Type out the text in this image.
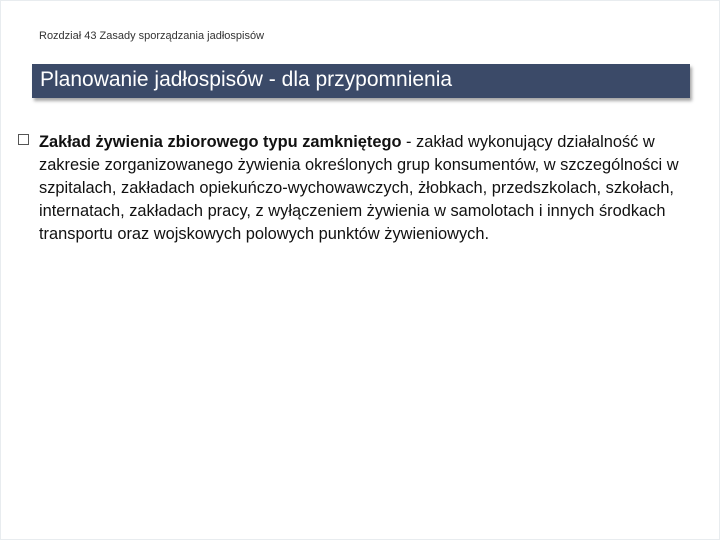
Rozdział 43 Zasady sporządzania jadłospisów
Planowanie jadłospisów - dla przypomnienia
Zakład żywienia zbiorowego typu zamkniętego - zakład wykonujący działalność w zakresie zorganizowanego żywienia określonych grup konsumentów, w szczególności w szpitalach, zakładach opiekuńczo-wychowawczych, żłobkach, przedszkolach, szkołach, internatach, zakładach pracy, z wyłączeniem żywienia w samolotach i innych środkach transportu oraz wojskowych polowych punktów żywieniowych.
